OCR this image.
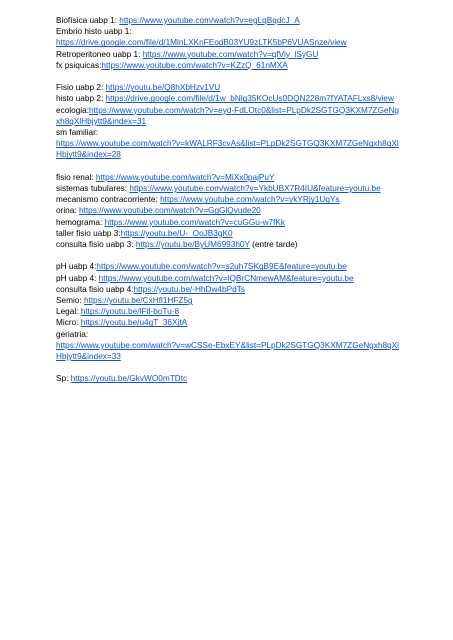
Biofísica uabp 1: https://www.youtube.com/watch?v=egLqBqdcJ_A
Embrio histo uabp 1:
https://drive.google.com/file/d/1MlnLXKnFEodB03YU9zLTK5bP6VUASnze/view
Retroperitoneo uabp 1: https://www.youtube.com/watch?v=qfViy_lSyGU
fx psiquicas:https://www.youtube.com/watch?v=KZzQ_61nMXA
Fisio uabp 2: https://youtu.be/Q8hXbHzv1VU
histo uabp 2: https://drive.google.com/file/d/1w_bNlg35KOcUs0DQN228m7fYATAFLxs8/view
ecologia:https://www.youtube.com/watch?v=eyd-FdLOtc0&list=PLpDk2SGTGQ3KXM7ZGeNgxh8qXlHbjytt9&index=31
sm familiar:
https://www.youtube.com/watch?v=kWALRF3cvAs&list=PLpDk2SGTGQ3KXM7ZGeNgxh8qXlHbjytt9&index=28
fisio renal: https://www.youtube.com/watch?v=MiXx0pajPuY
sistemas tubulares: https://www.youtube.com/watch?v=YkbUBX7R4IU&feature=youtu.be
mecanismo contracorriente: https://www.youtube.com/watch?v=ykYRjy1UqYs
orina: https://www.youtube.com/watch?v=GgGlQvude20
hemograma: https://www.youtube.com/watch?v=cuGGu-w7fKk
taller fisio uabp 3:https://youtu.be/U-_OoJB3gK0
consulta fisio uabp 3: https://youtu.be/ByUM6993h0Y (entre tarde)
pH uabp 4:https://www.youtube.com/watch?v=s2uh7SKgB9E&feature=youtu.be
pH uabp 4: https://www.youtube.com/watch?v=lQBrCNmewAM&feature=youtu.be
consulta fisio uabp 4:https://youtu.be/-HhDw4bPdTs
Semio: https://youtu.be/CxHfl1HFZ5g
Legal: https://youtu.be/lFtl-boTu-8
Micro: https://youtu.be/u4gT_36XjtA
geriatria:
https://www.youtube.com/watch?v=wCSSe-EbxEY&list=PLpDk2SGTGQ3KXM7ZGeNgxh8qXlHbjytt9&index=33
Sp: https://youtu.be/GkvWO0mTDtc
